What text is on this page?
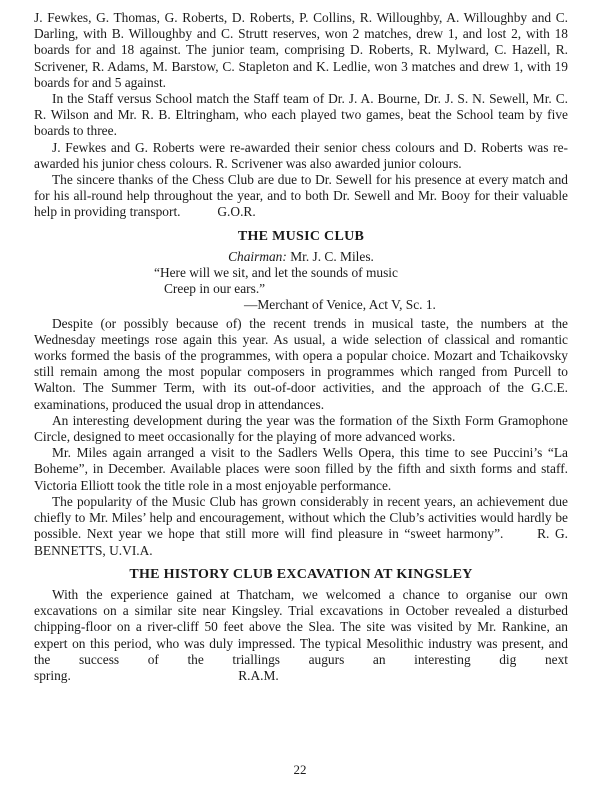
J. Fewkes, G. Thomas, G. Roberts, D. Roberts, P. Collins, R. Willoughby, A. Willoughby and C. Darling, with B. Willoughby and C. Strutt reserves, won 2 matches, drew 1, and lost 2, with 18 boards for and 18 against. The junior team, comprising D. Roberts, R. Mylward, C. Hazell, R. Scrivener, R. Adams, M. Barstow, C. Stapleton and K. Ledlie, won 3 matches and drew 1, with 19 boards for and 5 against.

In the Staff versus School match the Staff team of Dr. J. A. Bourne, Dr. J. S. N. Sewell, Mr. C. R. Wilson and Mr. R. B. Eltringham, who each played two games, beat the School team by five boards to three.

J. Fewkes and G. Roberts were re-awarded their senior chess colours and D. Roberts was re-awarded his junior chess colours. R. Scrivener was also awarded junior colours.

The sincere thanks of the Chess Club are due to Dr. Sewell for his presence at every match and for his all-round help throughout the year, and to both Dr. Sewell and Mr. Booy for their valuable help in providing transport.	G.O.R.

THE MUSIC CLUB
Chairman: Mr. J. C. Miles.
“Here will we sit, and let the sounds of music
Creep in our ears.”
—Merchant of Venice, Act V, Sc. 1.

Despite (or possibly because of) the recent trends in musical taste, the numbers at the Wednesday meetings rose again this year. As usual, a wide selection of classical and romantic works formed the basis of the programmes, with opera a popular choice. Mozart and Tchaikovsky still remain among the most popular composers in programmes which ranged from Purcell to Walton. The Summer Term, with its out-of-door activities, and the approach of the G.C.E. examinations, produced the usual drop in attendances.

An interesting development during the year was the formation of the Sixth Form Gramophone Circle, designed to meet occasionally for the playing of more advanced works.

Mr. Miles again arranged a visit to the Sadlers Wells Opera, this time to see Puccini’s “La Boheme”, in December. Available places were soon filled by the fifth and sixth forms and staff. Victoria Elliott took the title role in a most enjoyable performance.

The popularity of the Music Club has grown considerably in recent years, an achievement due chiefly to Mr. Miles’ help and encouragement, without which the Club’s activities would hardly be possible. Next year we hope that still more will find pleasure in “sweet harmony”.	R. G. BENNETTS, U.VI.A.

THE HISTORY CLUB EXCAVATION AT KINGSLEY

With the experience gained at Thatcham, we welcomed a chance to organise our own excavations on a similar site near Kingsley. Trial excavations in October revealed a disturbed chipping-floor on a river-cliff 50 feet above the Slea. The site was visited by Mr. Rankine, an expert on this period, who was duly impressed. The typical Mesolithic industry was present, and the success of the triallings augurs an interesting dig next spring.	R.A.M.

22
